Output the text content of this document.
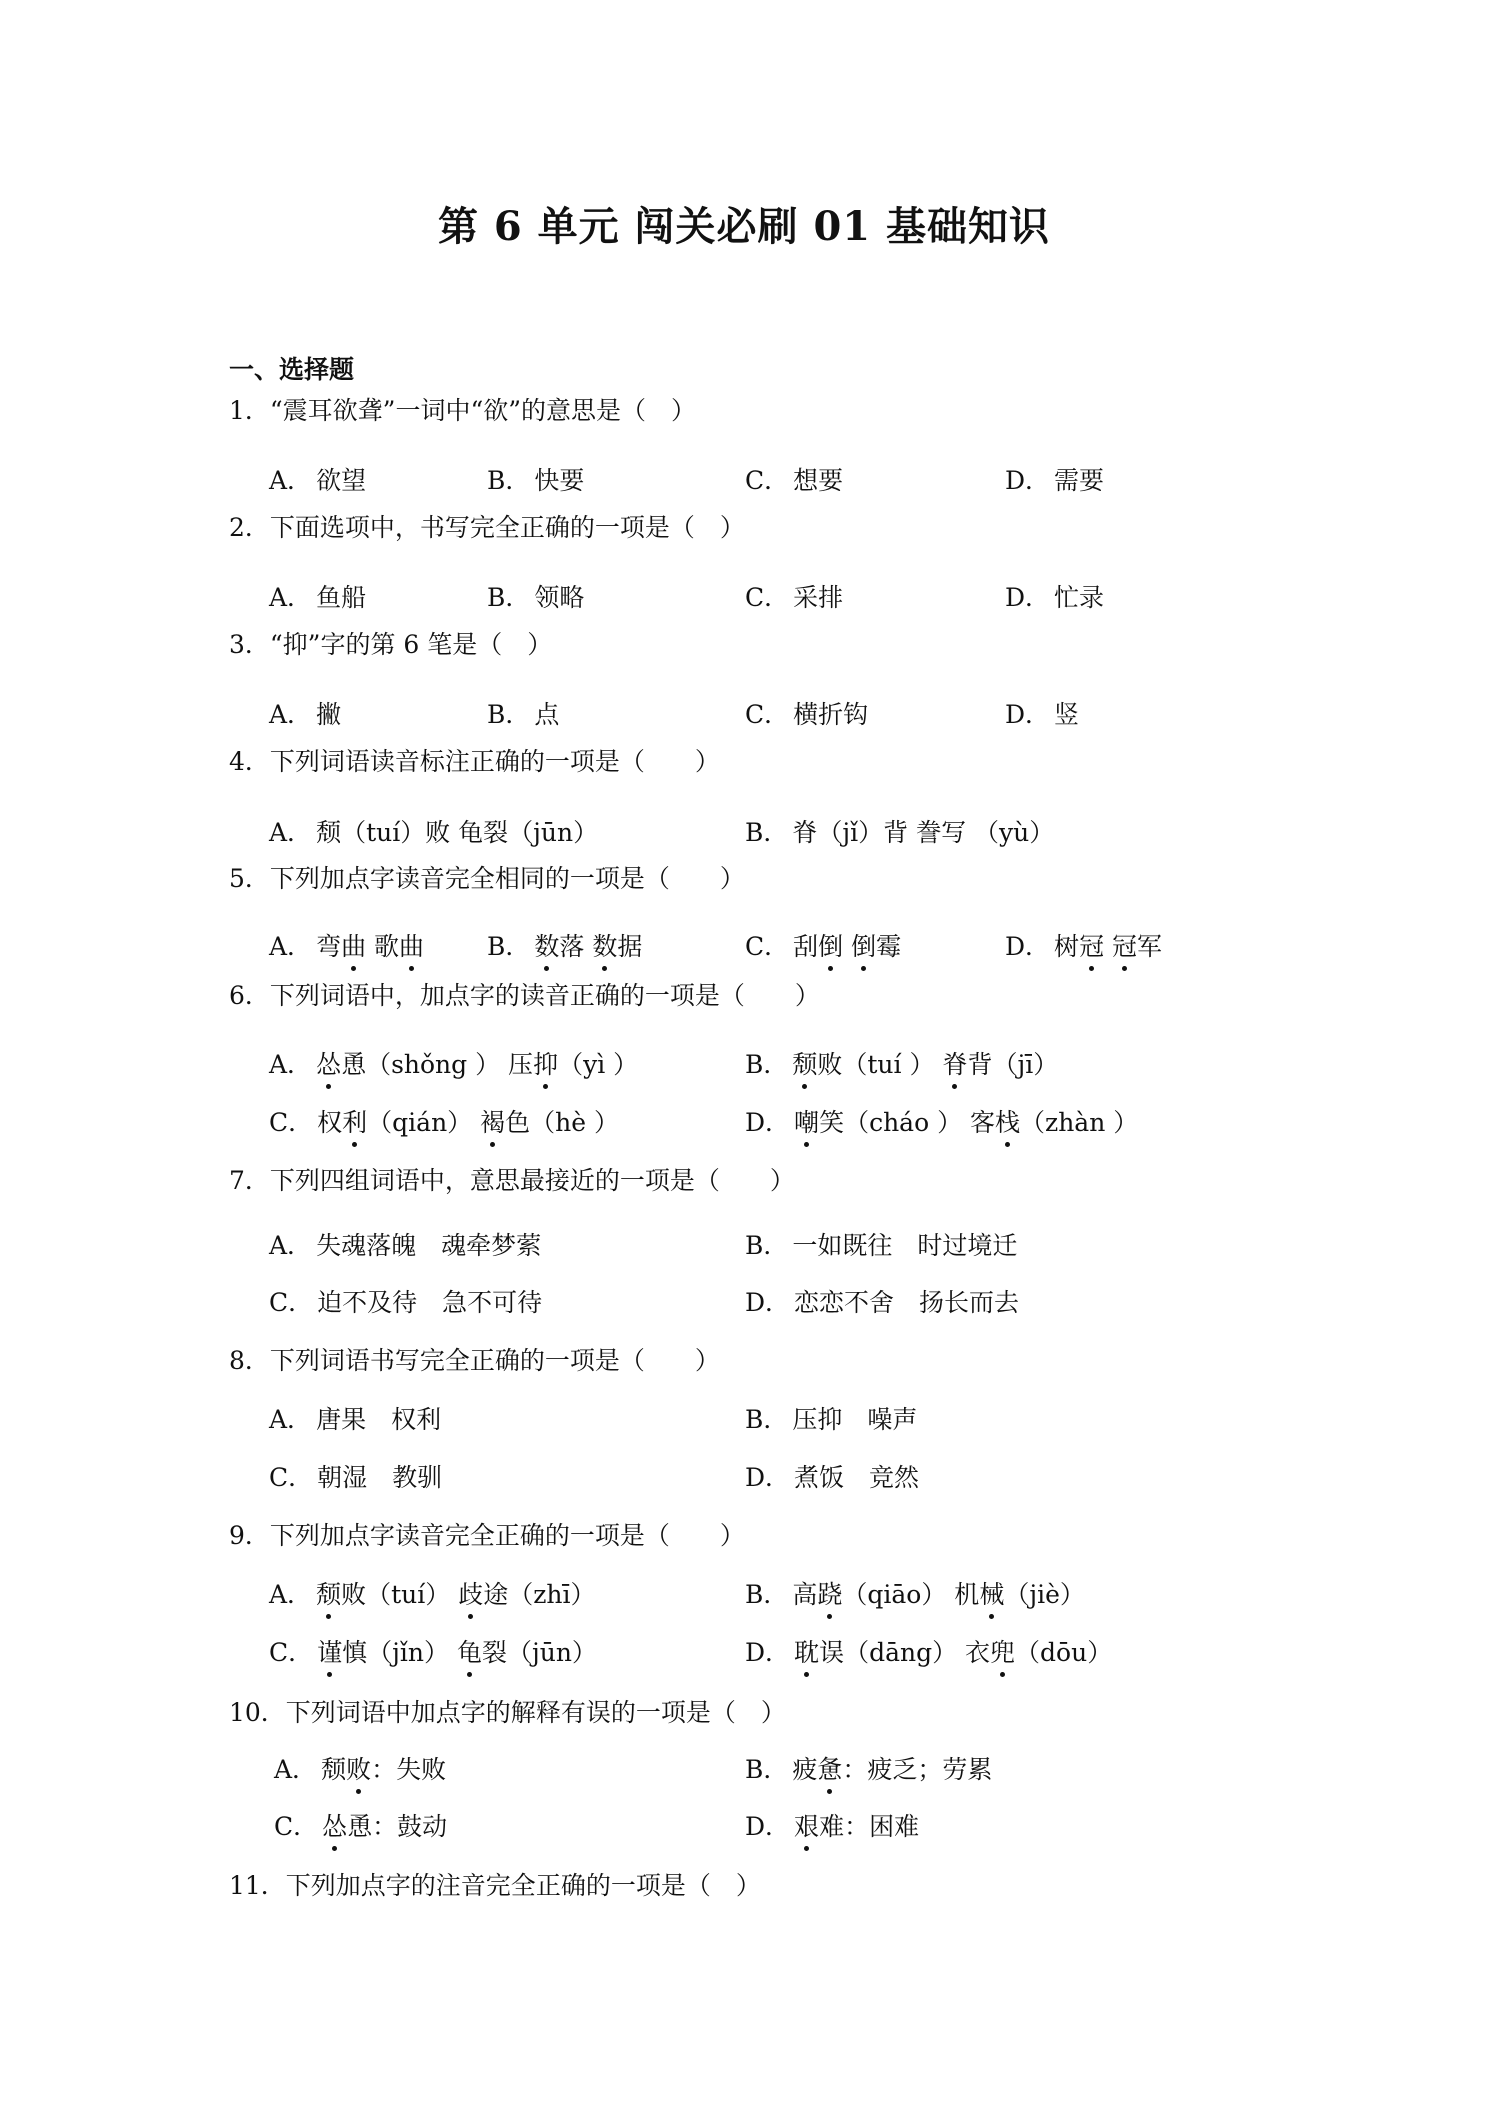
第 6 单元 闯关必刷 01 基础知识
一、选择题
1．“震耳欲聋”一词中“欲”的意思是（　）
A． 欲望	B． 快要	C． 想要	D． 需要
2．下面选项中，书写完全正确的一项是（　）
A． 鱼船	B． 领略	C． 采排	D． 忙录
3．“抑”字的第 6 笔是（　）
A． 撇	B． 点	C． 横折钩	D． 竖
4．下列词语读音标注正确的一项是（　　）
A． 颓（tuí）败 龟裂（jūn）	B． 脊（jǐ）背 誊写 （yù）
5．下列加点字读音完全相同的一项是（　　）
A． 弯曲 歌曲	B． 数落 数据	C． 刮倒 倒霉	D． 树冠 冠军
6．下列词语中，加点字的读音正确的一项是（　　）
A． 怂恿（shǒng ） 压抑（yì ）	B． 颓败（tuí ） 脊背（jī）
C． 权利（qián） 褐色（hè ）	D． 嘲笑（cháo ） 客栈（zhàn ）
7．下列四组词语中，意思最接近的一项是（　　）
A． 失魂落魄　魂牵梦萦	B． 一如既往　时过境迁
C． 迫不及待　急不可待	D． 恋恋不舍　扬长而去
8．下列词语书写完全正确的一项是（　　）
A． 唐果　权利	B． 压抑　噪声
C． 朝湿　教驯	D． 煮饭　竞然
9．下列加点字读音完全正确的一项是（　　）
A． 颓败（tuí） 歧途（zhī）	B． 高跷（qiāo） 机械（jiè）
C． 谨慎（jǐn） 龟裂（jūn）	D． 耽误（dāng） 衣兜（dōu）
10．下列词语中加点字的解释有误的一项是（　）
A． 颓败：失败	B． 疲惫：疲乏；劳累
C． 怂恿：鼓动	D． 艰难：困难
11．下列加点字的注音完全正确的一项是（　）
